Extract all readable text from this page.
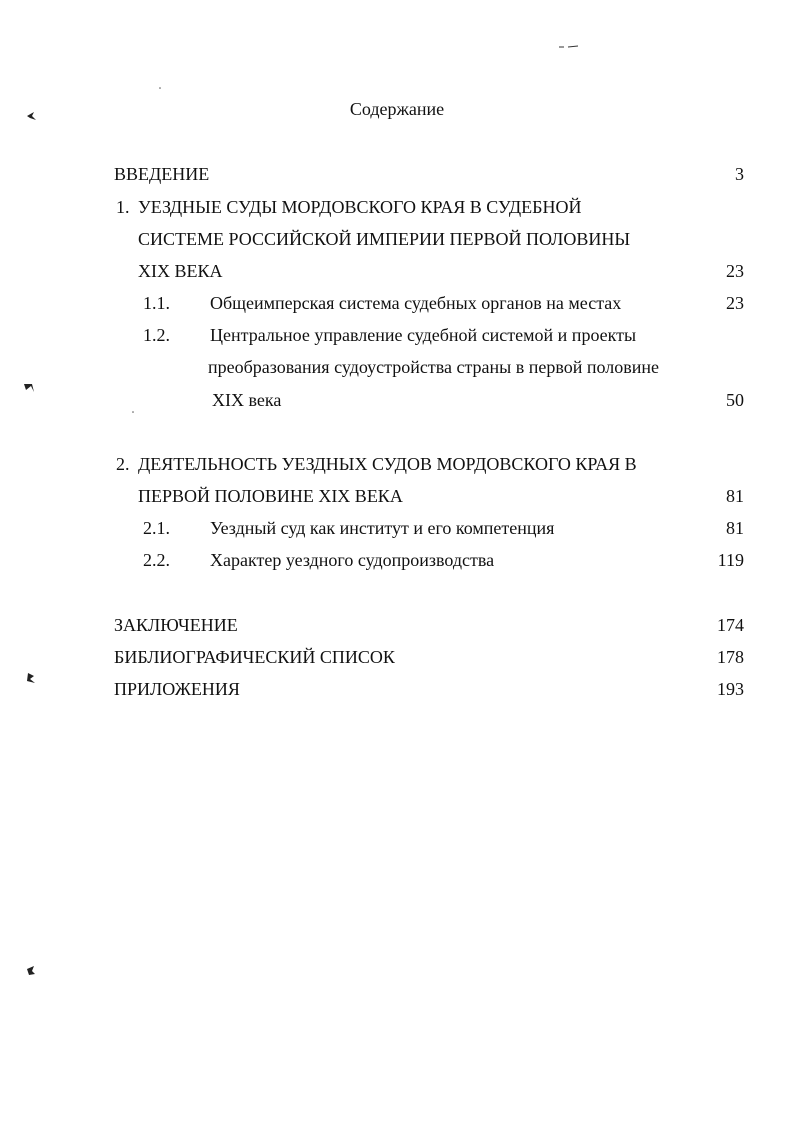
Содержание
ВВЕДЕНИЕ	3
1. УЕЗДНЫЕ СУДЫ МОРДОВСКОГО КРАЯ В СУДЕБНОЙ
СИСТЕМЕ РОССИЙСКОЙ ИМПЕРИИ ПЕРВОЙ ПОЛОВИНЫ
XIX ВЕКА	23
1.1. Общеимперская система судебных органов на местах	23
1.2. Центральное управление судебной системой и проекты
преобразования судоустройства страны в первой половине
XIX века	50
2. ДЕЯТЕЛЬНОСТЬ УЕЗДНЫХ СУДОВ МОРДОВСКОГО КРАЯ В
ПЕРВОЙ ПОЛОВИНЕ XIX ВЕКА	81
2.1. Уездный суд как институт и его компетенция	81
2.2. Характер уездного судопроизводства	119
ЗАКЛЮЧЕНИЕ	174
БИБЛИОГРАФИЧЕСКИЙ СПИСОК	178
ПРИЛОЖЕНИЯ	193
